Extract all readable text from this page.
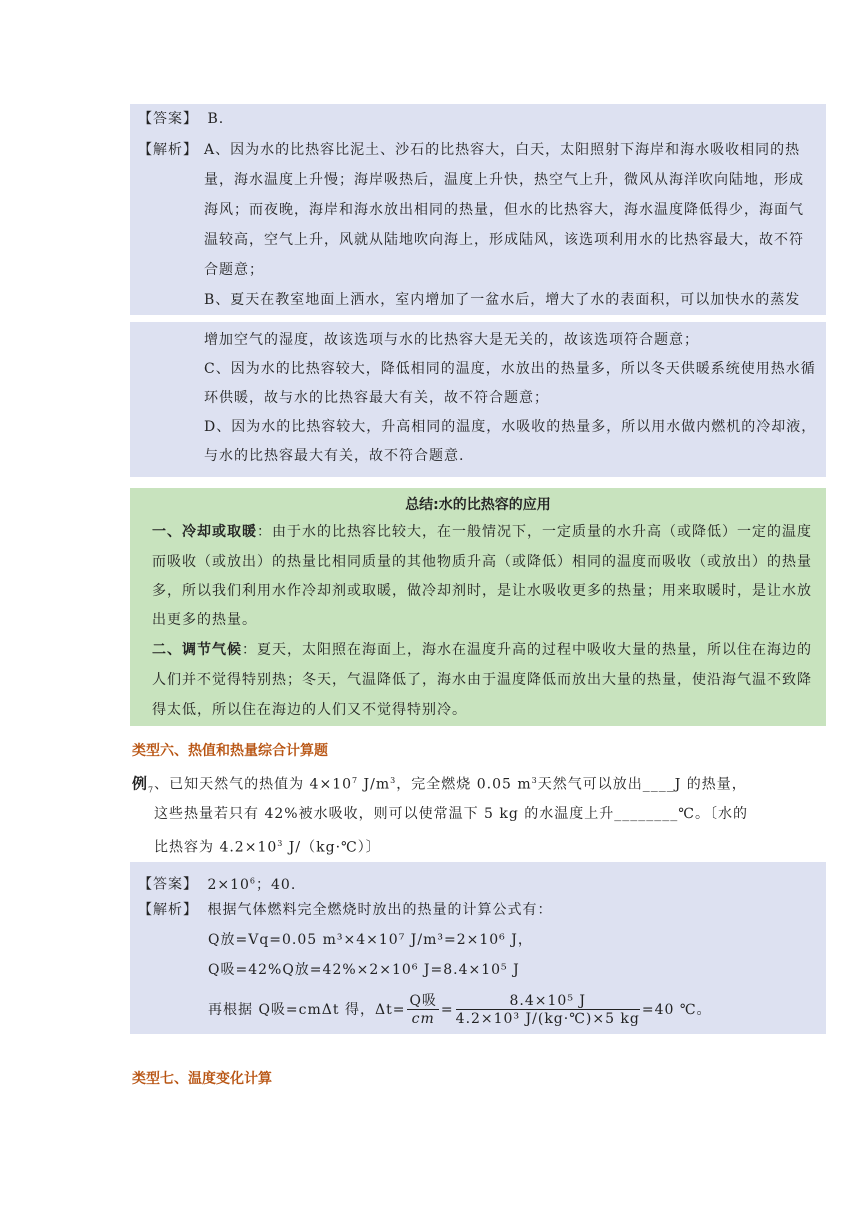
【答案】 B.
【解析】 A、因为水的比热容比泥土、沙石的比热容大，白天，太阳照射下海岸和海水吸收相同的热
量，海水温度上升慢；海岸吸热后，温度上升快，热空气上升，微风从海洋吹向陆地，形成
海风；而夜晚，海岸和海水放出相同的热量，但水的比热容大，海水温度降低得少，海面气
温较高，空气上升，风就从陆地吹向海上，形成陆风，该选项利用水的比热容最大，故不符
合题意；
B、夏天在教室地面上洒水，室内增加了一盆水后，增大了水的表面积，可以加快水的蒸发
增加空气的湿度，故该选项与水的比热容大是无关的，故该选项符合题意；
C、因为水的比热容较大，降低相同的温度，水放出的热量多，所以冬天供暖系统使用热水循
环供暖，故与水的比热容最大有关，故不符合题意；
D、因为水的比热容较大，升高相同的温度，水吸收的热量多，所以用水做内燃机的冷却液，
与水的比热容最大有关，故不符合题意.
总结:水的比热容的应用
一、冷却或取暖：由于水的比热容比较大，在一般情况下，一定质量的水升高（或降低）一定的温度
而吸收（或放出）的热量比相同质量的其他物质升高（或降低）相同的温度而吸收（或放出）的热量
多，所以我们利用水作冷却剂或取暖，做冷却剂时，是让水吸收更多的热量；用来取暖时，是让水放
出更多的热量。
二、调节气候：夏天，太阳照在海面上，海水在温度升高的过程中吸收大量的热量，所以住在海边的
人们并不觉得特别热；冬天，气温降低了，海水由于温度降低而放出大量的热量，使沿海气温不致降
得太低，所以住在海边的人们又不觉得特别冷。
类型六、热值和热量综合计算题
例$_7$、已知天然气的热值为 $4\times 10^7$ $J/m^3$，完全燃烧 0.05 $m^3$天然气可以放出____J 的热量，
这些热量若只有 42%被水吸收，则可以使常温下 5 kg 的水温度上升________℃。〔水的
比热容为 $4.2\times 10^3$ J/（kg·℃）〕
【答案】 $2\times 10^6$；40.
【解析】 根据气体燃料完全燃烧时放出的热量的计算公式有：
Q放=Vq=0.05 m³×4×10⁷ J/m³=2×10⁶ J，
Q吸=42%Q放=42%×2×10⁶ J=8.4×10⁵ J
再根据 Q吸=cmΔt 得，$\Delta t= \frac{\text{Q吸}}{cm} = \frac{\text{8.4×10⁵ J}}{\text{4.2×10³ J/(kg·℃)×5 kg}} =40$ ℃。
类型七、温度变化计算
